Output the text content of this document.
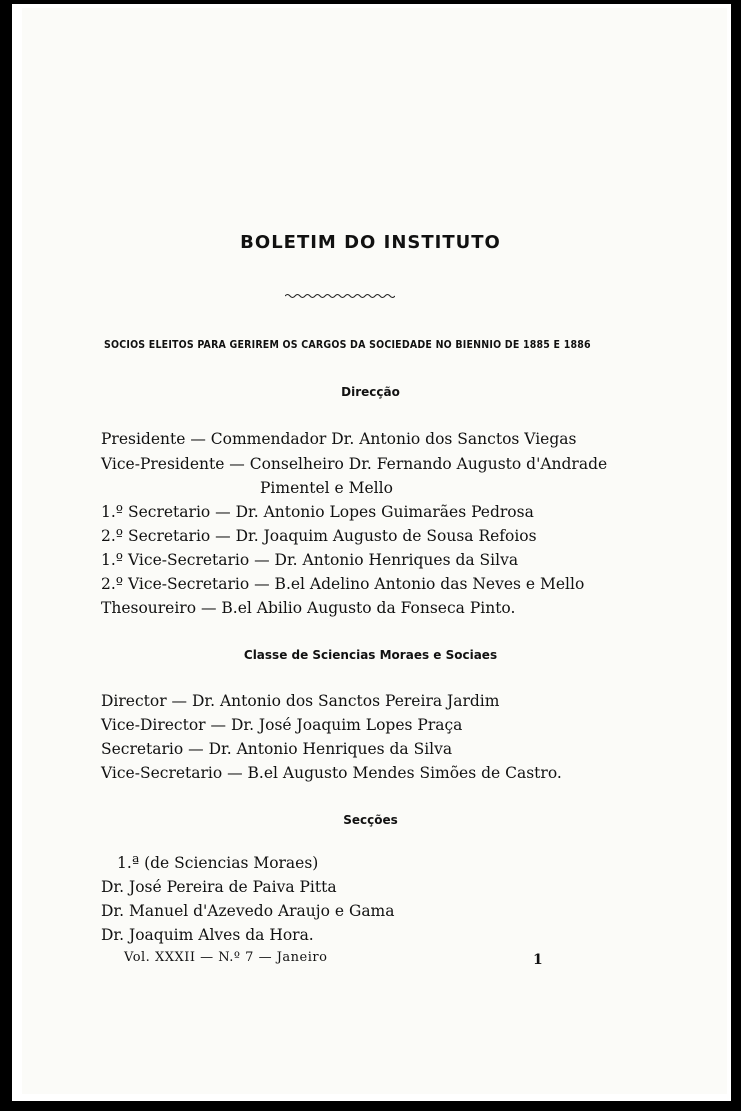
BOLETIM DO INSTITUTO
SOCIOS ELEITOS PARA GERIREM OS CARGOS DA SOCIEDADE NO BIENNIO DE 1885 E 1886
Direcção
Presidente — Commendador Dr. Antonio dos Sanctos Viegas
Vice-Presidente — Conselheiro Dr. Fernando Augusto d'Andrade
Pimentel e Mello
1.º Secretario — Dr. Antonio Lopes Guimarães Pedrosa
2.º Secretario — Dr. Joaquim Augusto de Sousa Refoios
1.º Vice-Secretario — Dr. Antonio Henriques da Silva
2.º Vice-Secretario — B.el Adelino Antonio das Neves e Mello
Thesoureiro — B.el Abilio Augusto da Fonseca Pinto.
Classe de Sciencias Moraes e Sociaes
Director — Dr. Antonio dos Sanctos Pereira Jardim
Vice-Director — Dr. José Joaquim Lopes Praça
Secretario — Dr. Antonio Henriques da Silva
Vice-Secretario — B.el Augusto Mendes Simões de Castro.
Secções
1.ª (de Sciencias Moraes)
Dr. José Pereira de Paiva Pitta
Dr. Manuel d'Azevedo Araujo e Gama
Dr. Joaquim Alves da Hora.
Vol. XXXII — N.º 7 — Janeiro	1
